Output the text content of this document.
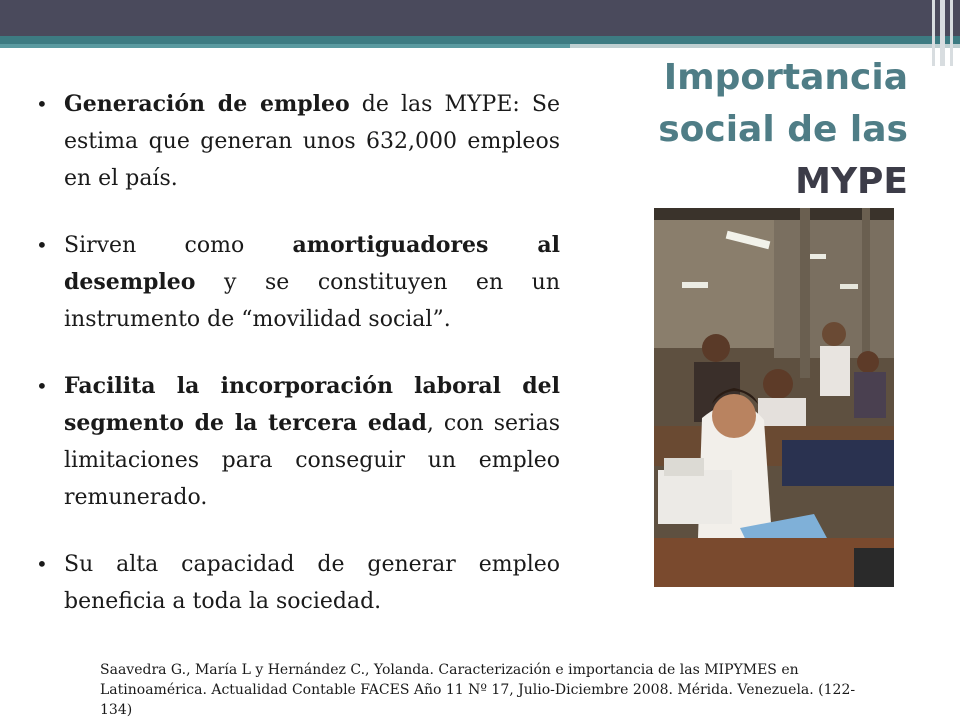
Importancia
social de las
MYPE
• Generación de empleo de las MYPE: Se estima que generan unos 632,000 empleos en el país.
• Sirven como amortiguadores al desempleo y se constituyen en un instrumento de “movilidad social”.
• Facilita la incorporación laboral del segmento de la tercera edad, con serias limitaciones para conseguir un empleo remunerado.
• Su alta capacidad de generar empleo beneficia a toda la sociedad.
Saavedra G., María L y Hernández C., Yolanda. Caracterización e importancia de las MIPYMES en Latinoamérica. Actualidad Contable FACES Año 11 Nº 17, Julio-Diciembre 2008. Mérida. Venezuela. (122-134)
